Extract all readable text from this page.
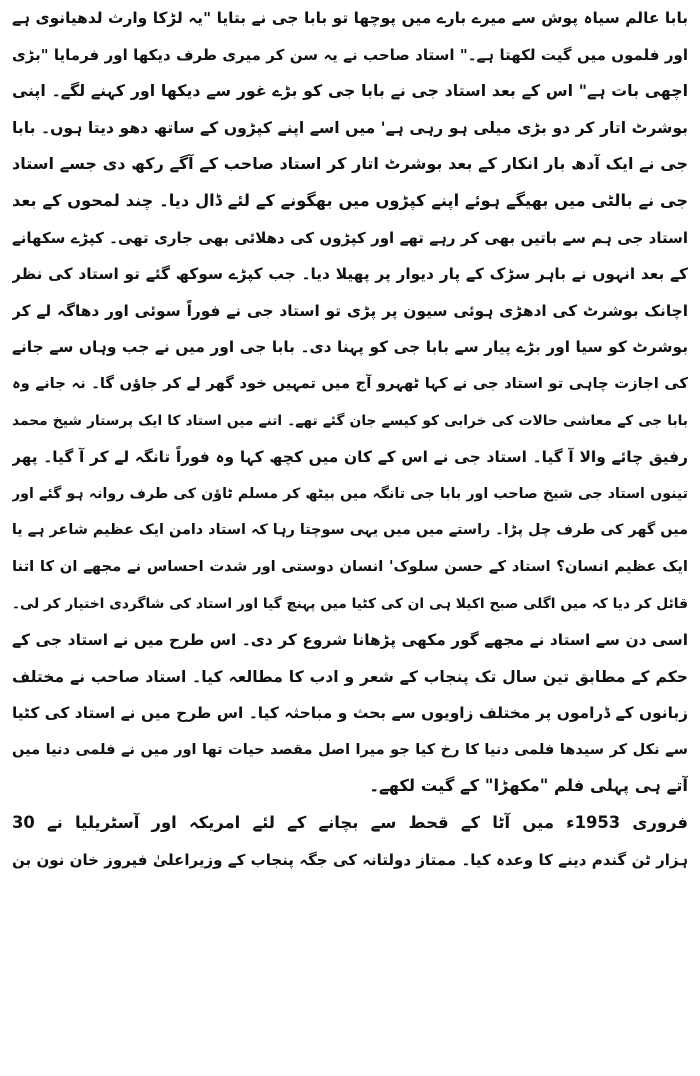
بابا عالم سیاہ پوش سے میرے بارے میں پوچھا تو بابا جی نے بتایا "یہ لڑکا وارث لدھیانوی ہے
اور فلموں میں گیت لکھتا ہے۔" استاد صاحب نے یہ سن کر میری طرف دیکھا اور فرمایا "بڑی
اچھی بات ہے" اس کے بعد استاد جی نے بابا جی کو بڑے غور سے دیکھا اور کہنے لگے۔ اپنی
بوشرٹ اتار کر دو بڑی میلی ہو رہی ہے' میں اسے اپنے کپڑوں کے ساتھ دھو دیتا ہوں۔ بابا
جی نے ایک آدھ بار انکار کے بعد بوشرٹ اتار کر استاد صاحب کے آگے رکھ دی جسے استاد
جی نے بالٹی میں بھیگے ہوئے اپنے کپڑوں میں بھگونے کے لئے ڈال دیا۔ چند لمحوں کے بعد
استاد جی ہم سے باتیں بھی کر رہے تھے اور کپڑوں کی دھلائی بھی جاری تھی۔ کپڑے سکھانے
کے بعد انہوں نے باہر سڑک کے پار دیوار پر پھیلا دیا۔ جب کپڑے سوکھ گئے تو استاد کی نظر
اچانک بوشرٹ کی ادھڑی ہوئی سیون پر پڑی تو استاد جی نے فوراً سوئی اور دھاگہ لے کر
بوشرٹ کو سیا اور بڑے پیار سے بابا جی کو پہنا دی۔ بابا جی اور میں نے جب وہاں سے جانے
کی اجازت چاہی تو استاد جی نے کہا ٹھہرو آج میں تمہیں خود گھر لے کر جاؤں گا۔ نہ جانے وہ
بابا جی کے معاشی حالات کی خرابی کو کیسے جان گئے تھے۔ اتنے میں استاد کا ایک پرستار شیخ محمد
رفیق چائے والا آ گیا۔ استاد جی نے اس کے کان میں کچھ کہا وہ فوراً تانگہ لے کر آ گیا۔ پھر
تینوں استاد جی شیخ صاحب اور بابا جی تانگہ میں بیٹھ کر مسلم ٹاؤن کی طرف روانہ ہو گئے اور
میں گھر کی طرف چل پڑا۔ راستے میں میں یہی سوچتا رہا کہ استاد دامن ایک عظیم شاعر ہے یا
ایک عظیم انسان؟ استاد کے حسن سلوک' انسان دوستی اور شدت احساس نے مجھے ان کا اتنا
قائل کر دیا کہ میں اگلی صبح اکیلا ہی ان کی کٹیا میں پہنچ گیا اور استاد کی شاگردی اختیار کر لی۔
اسی دن سے استاد نے مجھے گور مکھی پڑھانا شروع کر دی۔ اس طرح میں نے استاد جی کے
حکم کے مطابق تین سال تک پنجاب کے شعر و ادب کا مطالعہ کیا۔ استاد صاحب نے مختلف
زبانوں کے ڈراموں پر مختلف زاویوں سے بحث و مباحثہ کیا۔ اس طرح میں نے استاد کی کٹیا
سے نکل کر سیدھا فلمی دنیا کا رخ کیا جو میرا اصل مقصد حیات تھا اور میں نے فلمی دنیا میں
آتے ہی پہلی فلم "مکھڑا" کے گیت لکھے۔
فروری 1953ء میں آٹا کے قحط سے بچانے کے لئے امریکہ اور آسٹریلیا نے 30
ہزار ٹن گندم دینے کا وعدہ کیا۔ ممتاز دولتانہ کی جگہ پنجاب کے وزیراعلیٰ فیروز خان نون بن
